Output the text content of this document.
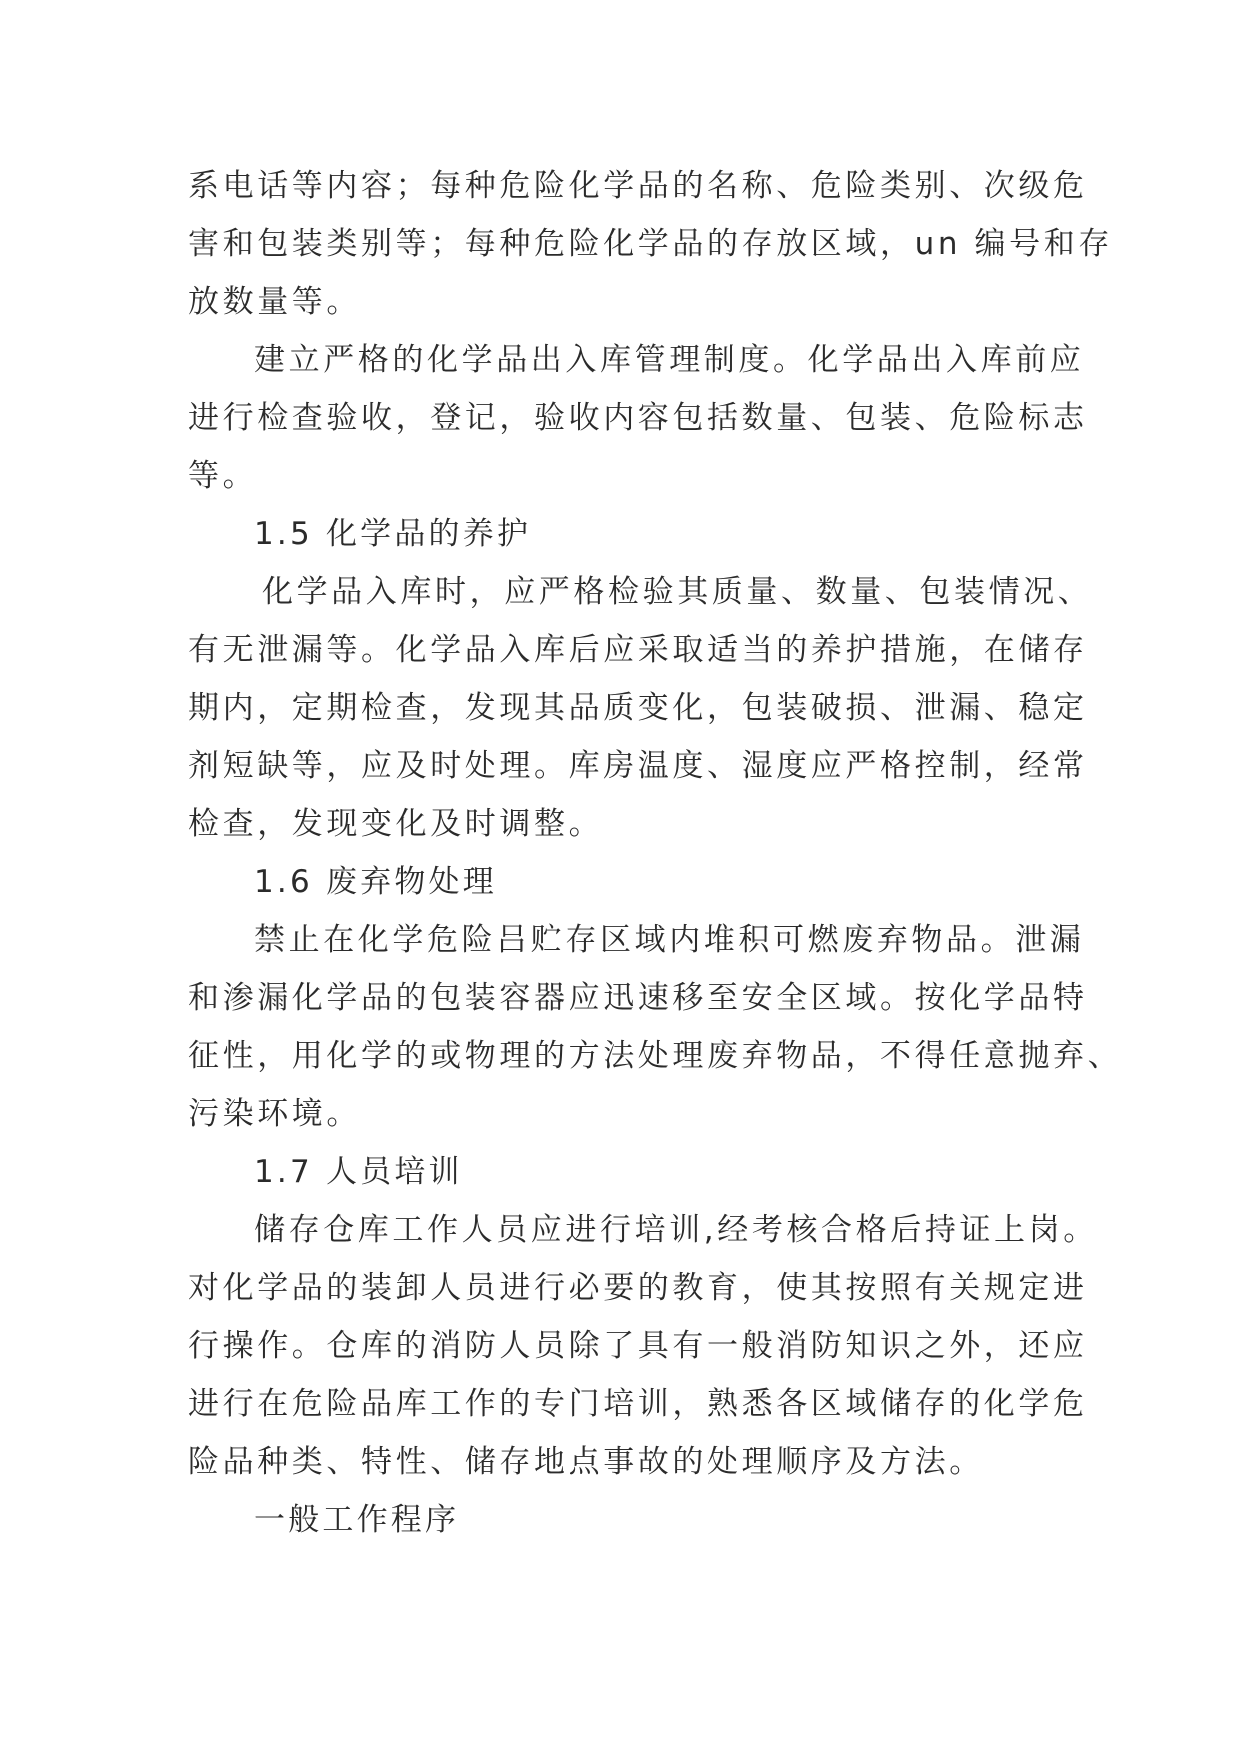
系电话等内容；每种危险化学品的名称、危险类别、次级危

害和包装类别等；每种危险化学品的存放区域，un 编号和存

放数量等。

建立严格的化学品出入库管理制度。化学品出入库前应

进行检查验收，登记，验收内容包括数量、包装、危险标志

等。

1.5 化学品的养护

化学品入库时，应严格检验其质量、数量、包装情况、

有无泄漏等。化学品入库后应采取适当的养护措施，在储存

期内，定期检查，发现其品质变化，包装破损、泄漏、稳定

剂短缺等，应及时处理。库房温度、湿度应严格控制，经常

检查，发现变化及时调整。

1.6 废弃物处理

禁止在化学危险吕贮存区域内堆积可燃废弃物品。泄漏

和渗漏化学品的包装容器应迅速移至安全区域。按化学品特

征性，用化学的或物理的方法处理废弃物品，不得任意抛弃、

污染环境。

1.7 人员培训

储存仓库工作人员应进行培训,经考核合格后持证上岗。

对化学品的装卸人员进行必要的教育，使其按照有关规定进

行操作。仓库的消防人员除了具有一般消防知识之外，还应

进行在危险品库工作的专门培训，熟悉各区域储存的化学危

险品种类、特性、储存地点事故的处理顺序及方法。

一般工作程序
